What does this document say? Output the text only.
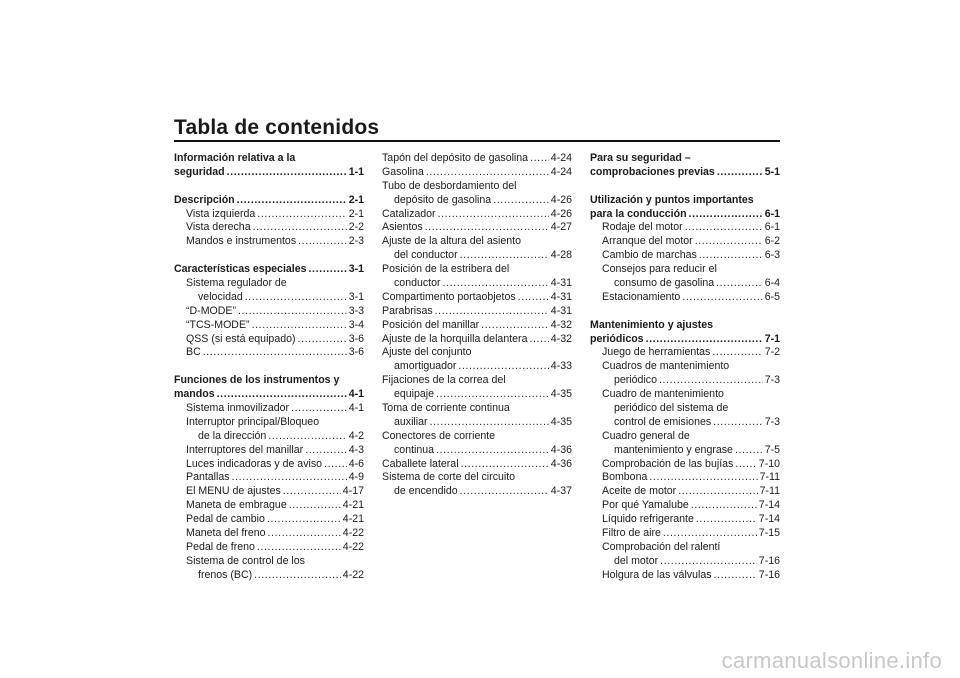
Tabla de contenidos
Información relativa a la
seguridad .....	1-1
Descripción .....	2-1
Vista izquierda .....	2-1
Vista derecha .....	2-2
Mandos e instrumentos .....	2-3
Características especiales .....	3-1
Sistema regulador de
velocidad .....	3-1
“D-MODE” .....	3-3
“TCS-MODE” .....	3-4
QSS (si está equipado) .....	3-6
BC .....	3-6
Funciones de los instrumentos y
mandos .....	4-1
Sistema inmovilizador .....	4-1
Interruptor principal/Bloqueo
de la dirección .....	4-2
Interruptores del manillar .....	4-3
Luces indicadoras y de aviso .....	4-6
Pantallas .....	4-9
El MENU de ajustes .....	4-17
Maneta de embrague .....	4-21
Pedal de cambio .....	4-21
Maneta del freno .....	4-22
Pedal de freno .....	4-22
Sistema de control de los
frenos (BC) .....	4-22
Tapón del depósito de gasolina ..... 4-24
Gasolina .....	4-24
Tubo de desbordamiento del
depósito de gasolina .....	4-26
Catalizador .....	4-26
Asientos .....	4-27
Ajuste de la altura del asiento
del conductor .....	4-28
Posición de la estribera del
conductor .....	4-31
Compartimento portaobjetos .....	4-31
Parabrisas .....	4-31
Posición del manillar .....	4-32
Ajuste de la horquilla delantera ..... 4-32
Ajuste del conjunto
amortiguador .....	4-33
Fijaciones de la correa del
equipaje .....	4-35
Toma de corriente continua
auxiliar .....	4-35
Conectores de corriente
continua .....	4-36
Caballete lateral .....	4-36
Sistema de corte del circuito
de encendido .....	4-37
Para su seguridad –
comprobaciones previas .....	5-1
Utilización y puntos importantes
para la conducción .....	6-1
Rodaje del motor .....	6-1
Arranque del motor .....	6-2
Cambio de marchas .....	6-3
Consejos para reducir el
consumo de gasolina .....	6-4
Estacionamiento .....	6-5
Mantenimiento y ajustes
periódicos .....	7-1
Juego de herramientas .....	7-2
Cuadros de mantenimiento
periódico .....	7-3
Cuadro de mantenimiento
periódico del sistema de
control de emisiones .....	7-3
Cuadro general de
mantenimiento y engrase .....	7-5
Comprobación de las bujías ..... 7-10
Bombona .....	7-11
Aceite de motor .....	7-11
Por qué Yamalube .....	7-14
Líquido refrigerante .....	7-14
Filtro de aire .....	7-15
Comprobación del ralentí
del motor .....	7-16
Holgura de las válvulas .....	7-16
carmanualsonline.info
